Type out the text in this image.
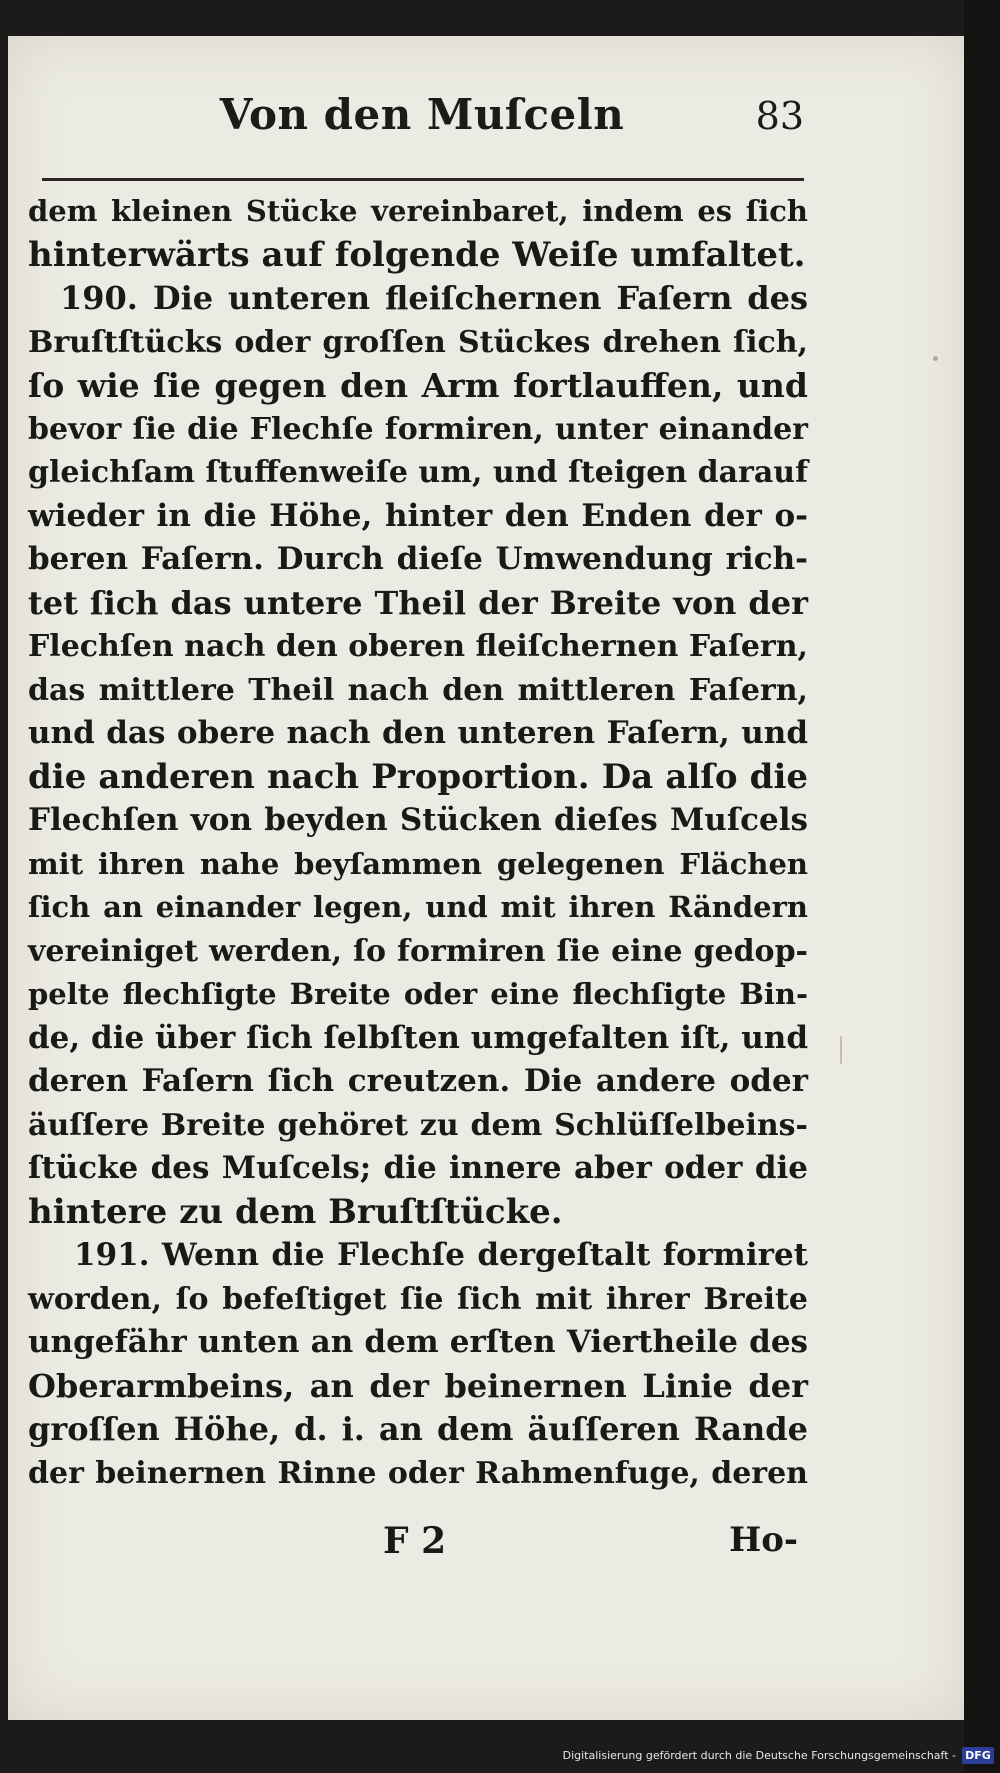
Von den Muſceln	83
dem kleinen Stücke vereinbaret, indem es ſich
hinterwärts auf folgende Weiſe umfaltet.
190. Die unteren fleiſchernen Faſern des
Bruſtſtücks oder groſſen Stückes drehen ſich,
ſo wie ſie gegen den Arm fortlauffen, und
bevor ſie die Flechſe formiren, unter einander
gleichſam ſtuffenweiſe um, und ſteigen darauf
wieder in die Höhe, hinter den Enden der o-
beren Faſern. Durch dieſe Umwendung rich-
tet ſich das untere Theil der Breite von der
Flechſen nach den oberen fleiſchernen Faſern,
das mittlere Theil nach den mittleren Faſern,
und das obere nach den unteren Faſern, und
die anderen nach Proportion. Da alſo die
Flechſen von beyden Stücken dieſes Muſcels
mit ihren nahe beyſammen gelegenen Flächen
ſich an einander legen, und mit ihren Rändern
vereiniget werden, ſo formiren ſie eine gedop-
pelte flechſigte Breite oder eine flechſigte Bin-
de, die über ſich ſelbſten umgefalten iſt, und
deren Faſern ſich creutzen. Die andere oder
äuſſere Breite gehöret zu dem Schlüſſelbeins-
ſtücke des Muſcels; die innere aber oder die
hintere zu dem Bruſtſtücke.
191. Wenn die Flechſe dergeſtalt formiret
worden, ſo befeſtiget ſie ſich mit ihrer Breite
ungefähr unten an dem erſten Viertheile des
Oberarmbeins, an der beinernen Linie der
groſſen Höhe, d. i. an dem äuſſeren Rande
der beinernen Rinne oder Rahmenfuge, deren
F 2	Ho-
Digitalisierung gefördert durch die Deutsche Forschungsgemeinschaft - DFG
